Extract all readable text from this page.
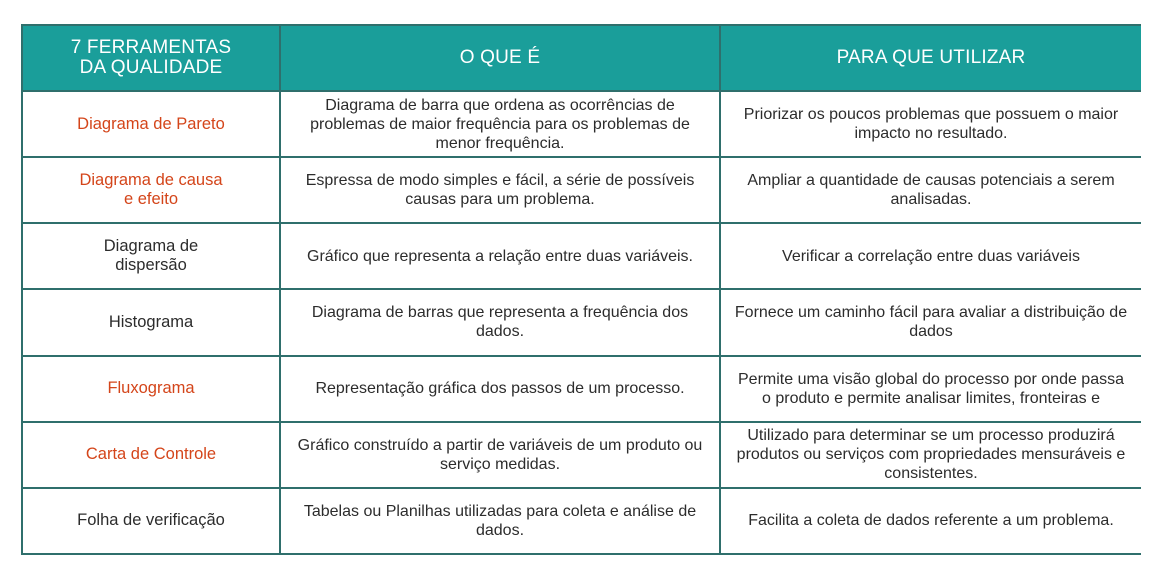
7 FERRAMENTAS
DA QUALIDADE	O QUE É	PARA QUE UTILIZAR
Diagrama de Pareto	Diagrama de barra que ordena as ocorrências de problemas de maior frequência para os problemas de menor frequência.	Priorizar os poucos problemas que possuem o maior impacto no resultado.
Diagrama de causa e efeito	Espressa de modo simples e fácil, a série de possíveis causas para um problema.	Ampliar a quantidade de causas potenciais a serem analisadas.
Diagrama de dispersão	Gráfico que representa a relação entre duas variáveis.	Verificar a correlação entre duas variáveis
Histograma	Diagrama de barras que representa a frequência dos dados.	Fornece um caminho fácil para avaliar a distribuição de dados
Fluxograma	Representação gráfica dos passos de um processo.	Permite uma visão global do processo por onde passa o produto e permite analisar limites, fronteiras e
Carta de Controle	Gráfico construído a partir de variáveis de um produto ou serviço medidas.	Utilizado para determinar se um processo produzirá produtos ou serviços com propriedades mensuráveis e consistentes.
Folha de verificação	Tabelas ou Planilhas utilizadas para coleta e análise de dados.	Facilita a coleta de dados referente a um problema.
